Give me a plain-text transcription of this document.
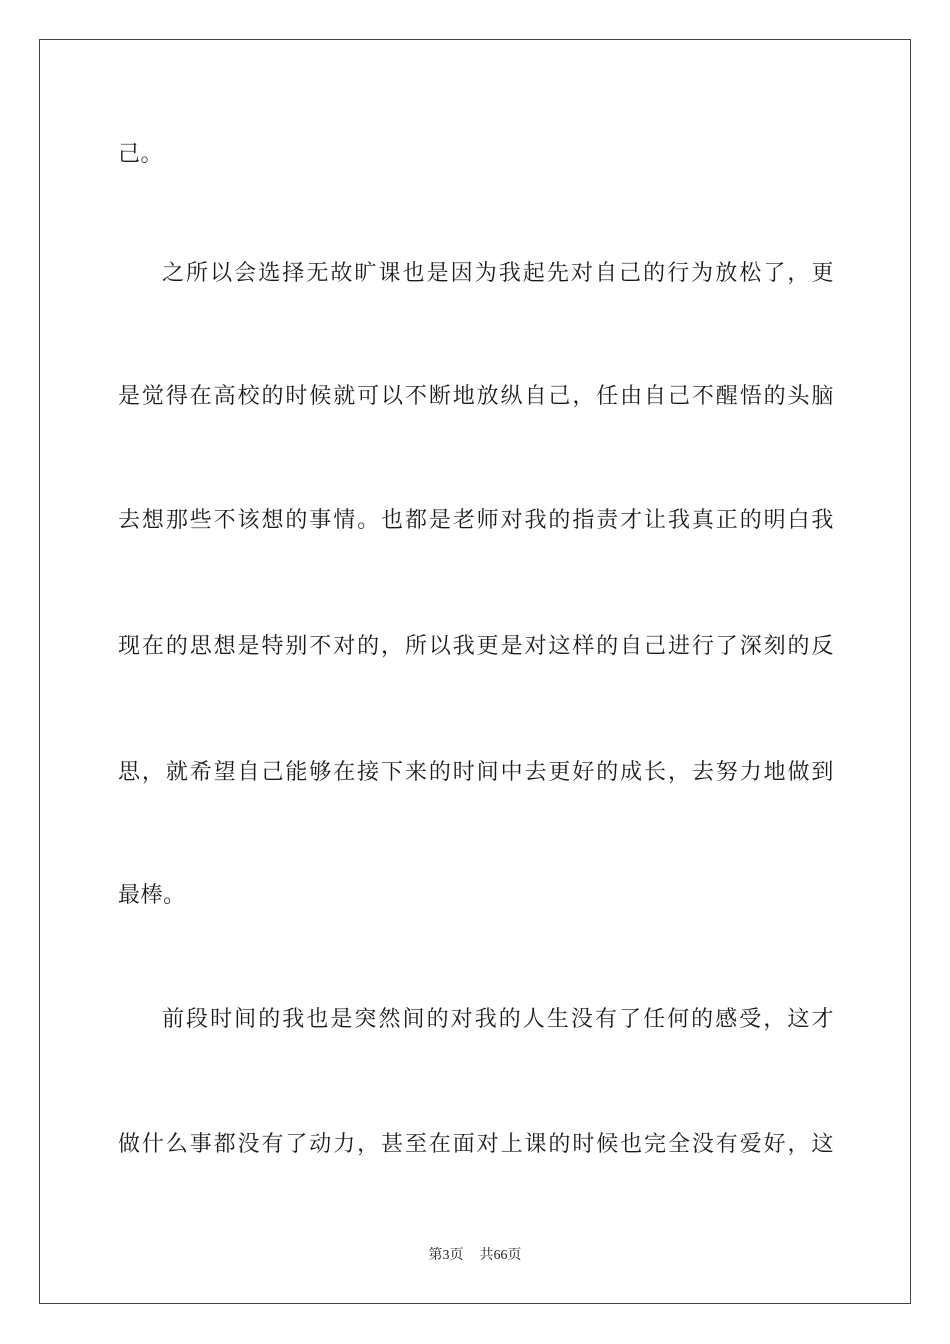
己。
之所以会选择无故旷课也是因为我起先对自己的行为放松了，更
是觉得在高校的时候就可以不断地放纵自己，任由自己不醒悟的头脑
去想那些不该想的事情。也都是老师对我的指责才让我真正的明白我
现在的思想是特别不对的，所以我更是对这样的自己进行了深刻的反
思，就希望自己能够在接下来的时间中去更好的成长，去努力地做到
最棒。
前段时间的我也是突然间的对我的人生没有了任何的感受，这才
做什么事都没有了动力，甚至在面对上课的时候也完全没有爱好，这
第3页 共66页
